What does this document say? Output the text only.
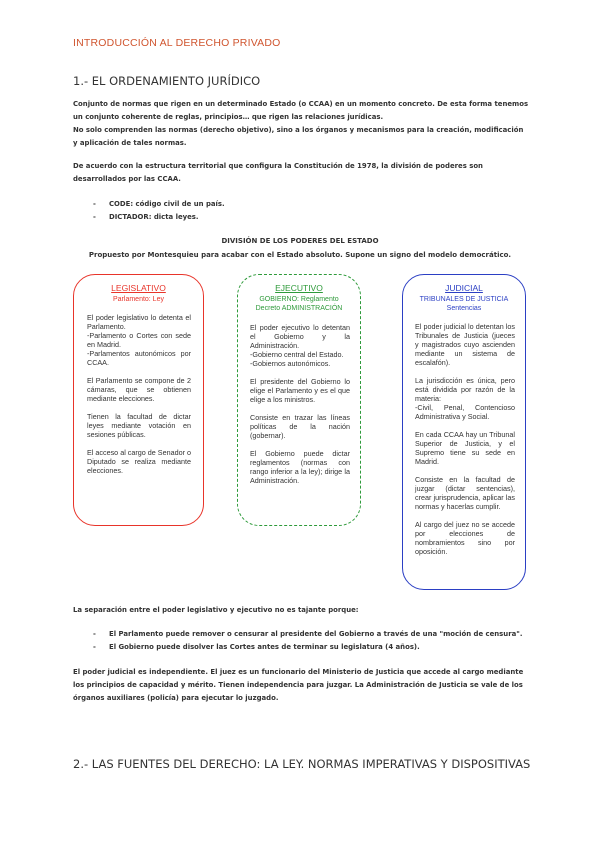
INTRODUCCIÓN AL DERECHO PRIVADO
1.- EL ORDENAMIENTO JURÍDICO
Conjunto de normas que rigen en un determinado Estado (o CCAA) en un momento concreto. De esta forma tenemos un conjunto coherente de reglas, principios… que rigen las relaciones jurídicas.
No solo comprenden las normas (derecho objetivo), sino a los órganos y mecanismos para la creación, modificación y aplicación de tales normas.
De acuerdo con la estructura territorial que configura la Constitución de 1978, la división de poderes son desarrollados por las CCAA.
- CODE: código civil de un país.
- DICTADOR: dicta leyes.
DIVISIÓN DE LOS PODERES DEL ESTADO
Propuesto por Montesquieu para acabar con el Estado absoluto. Supone un signo del modelo democrático.
LEGISLATIVO
Parlamento: Ley

El poder legislativo lo detenta el Parlamento.
-Parlamento o Cortes con sede en Madrid.
-Parlamentos autonómicos por CCAA.

El Parlamento se compone de 2 cámaras, que se obtienen mediante elecciones.

Tienen la facultad de dictar leyes mediante votación en sesiones públicas.

El acceso al cargo de Senador o Diputado se realiza mediante elecciones.

EJECUTIVO
GOBIERNO: Reglamento
Decreto ADMINISTRACIÓN

El poder ejecutivo lo detentan el Gobierno y la Administración.
-Gobierno central del Estado.
-Gobiernos autonómicos.

El presidente del Gobierno lo elige el Parlamento y es el que elige a los ministros.

Consiste en trazar las líneas políticas de la nación (gobernar).

El Gobierno puede dictar reglamentos (normas con rango inferior a la ley); dirige la Administración.

JUDICIAL
TRIBUNALES DE JUSTICIA
Sentencias

El poder judicial lo detentan los Tribunales de Justicia (jueces y magistrados cuyo ascienden mediante un sistema de escalafón).

La jurisdicción es única, pero está dividida por razón de la materia:
-Civil, Penal, Contencioso Administrativa y Social.

En cada CCAA hay un Tribunal Superior de Justicia, y el Supremo tiene su sede en Madrid.

Consiste en la facultad de juzgar (dictar sentencias), crear jurisprudencia, aplicar las normas y hacerlas cumplir.

Al cargo del juez no se accede por elecciones de nombramientos sino por oposición.

La separación entre el poder legislativo y ejecutivo no es tajante porque:
- El Parlamento puede remover o censurar al presidente del Gobierno a través de una "moción de censura".
- El Gobierno puede disolver las Cortes antes de terminar su legislatura (4 años).
El poder judicial es independiente. El juez es un funcionario del Ministerio de Justicia que accede al cargo mediante los principios de capacidad y mérito. Tienen independencia para juzgar. La Administración de Justicia se vale de los órganos auxiliares (policía) para ejecutar lo juzgado.
2.- LAS FUENTES DEL DERECHO: LA LEY. NORMAS IMPERATIVAS Y DISPOSITIVAS
